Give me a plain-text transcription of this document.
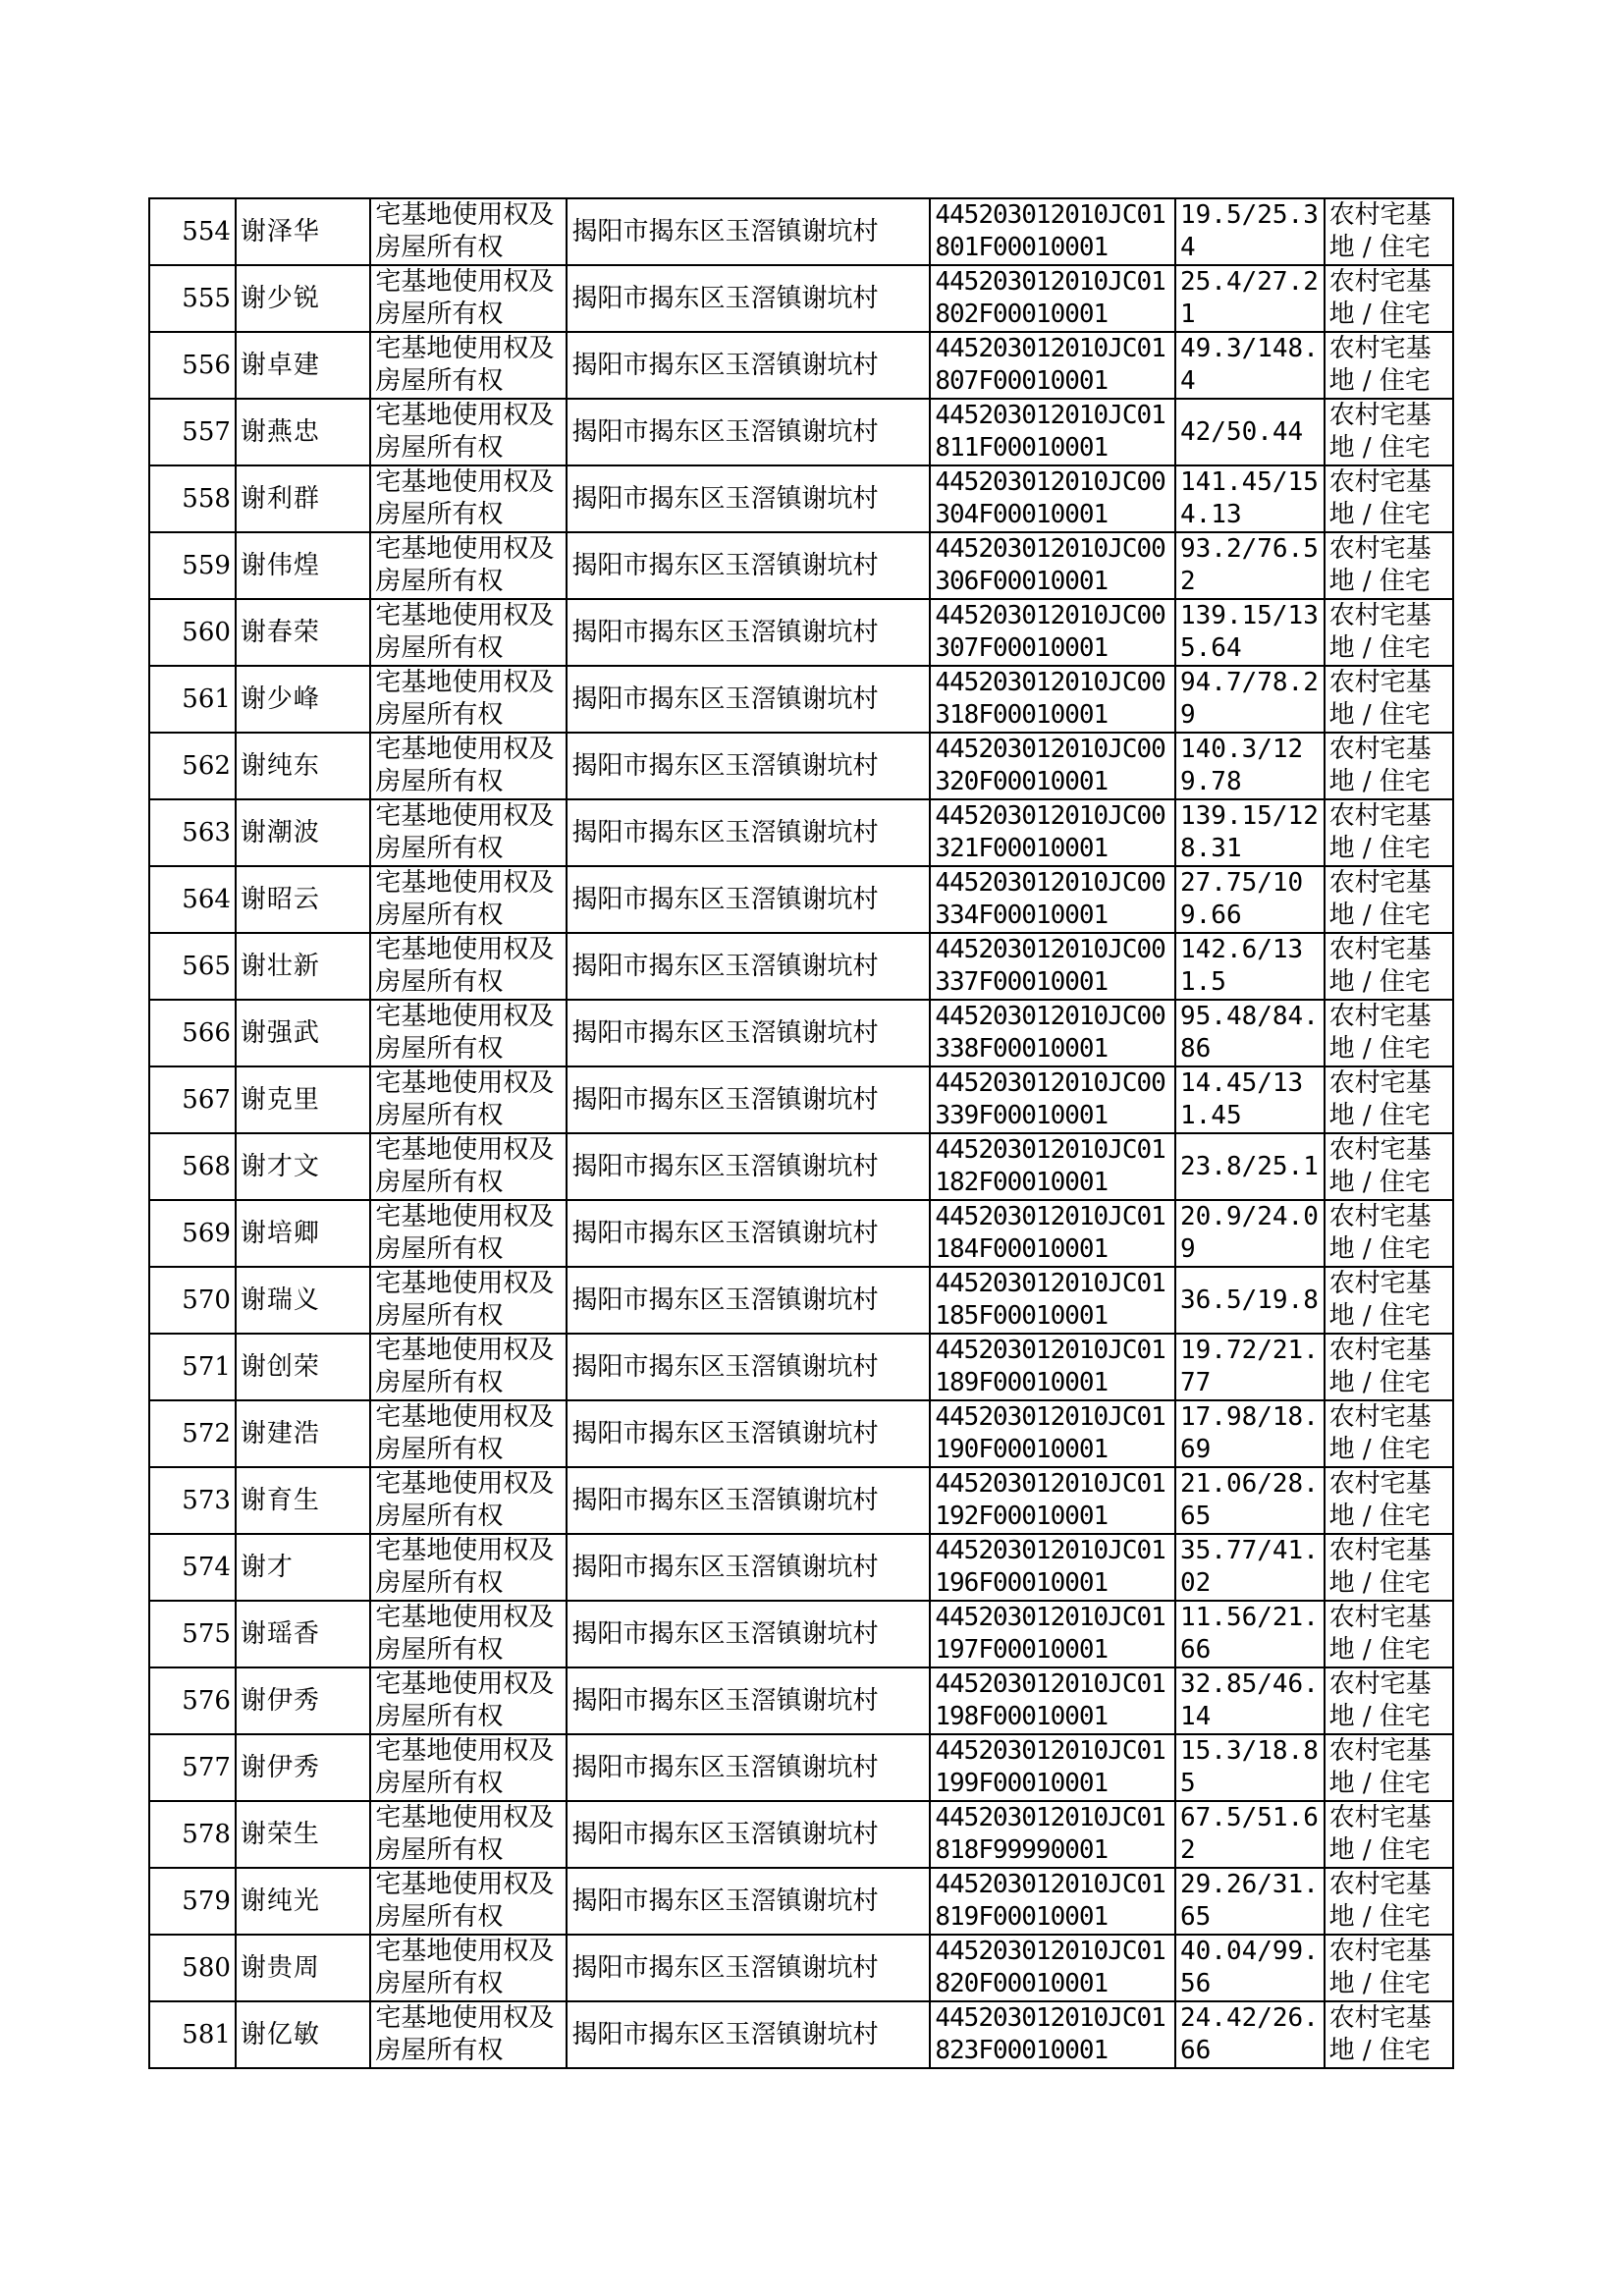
554	谢泽华	宅基地使用权及房屋所有权	揭阳市揭东区玉滘镇谢坑村	445203012010JC01801F00010001	19.5/25.34	农村宅基地 / 住宅
555	谢少锐	宅基地使用权及房屋所有权	揭阳市揭东区玉滘镇谢坑村	445203012010JC01802F00010001	25.4/27.21	农村宅基地 / 住宅
556	谢卓建	宅基地使用权及房屋所有权	揭阳市揭东区玉滘镇谢坑村	445203012010JC01807F00010001	49.3/148.4	农村宅基地 / 住宅
557	谢燕忠	宅基地使用权及房屋所有权	揭阳市揭东区玉滘镇谢坑村	445203012010JC01811F00010001	42/50.44	农村宅基地 / 住宅
558	谢利群	宅基地使用权及房屋所有权	揭阳市揭东区玉滘镇谢坑村	445203012010JC00304F00010001	141.45/154.13	农村宅基地 / 住宅
559	谢伟煌	宅基地使用权及房屋所有权	揭阳市揭东区玉滘镇谢坑村	445203012010JC00306F00010001	93.2/76.52	农村宅基地 / 住宅
560	谢春荣	宅基地使用权及房屋所有权	揭阳市揭东区玉滘镇谢坑村	445203012010JC00307F00010001	139.15/135.64	农村宅基地 / 住宅
561	谢少峰	宅基地使用权及房屋所有权	揭阳市揭东区玉滘镇谢坑村	445203012010JC00318F00010001	94.7/78.29	农村宅基地 / 住宅
562	谢纯东	宅基地使用权及房屋所有权	揭阳市揭东区玉滘镇谢坑村	445203012010JC00320F00010001	140.3/129.78	农村宅基地 / 住宅
563	谢潮波	宅基地使用权及房屋所有权	揭阳市揭东区玉滘镇谢坑村	445203012010JC00321F00010001	139.15/128.31	农村宅基地 / 住宅
564	谢昭云	宅基地使用权及房屋所有权	揭阳市揭东区玉滘镇谢坑村	445203012010JC00334F00010001	27.75/109.66	农村宅基地 / 住宅
565	谢壮新	宅基地使用权及房屋所有权	揭阳市揭东区玉滘镇谢坑村	445203012010JC00337F00010001	142.6/131.5	农村宅基地 / 住宅
566	谢强武	宅基地使用权及房屋所有权	揭阳市揭东区玉滘镇谢坑村	445203012010JC00338F00010001	95.48/84.86	农村宅基地 / 住宅
567	谢克里	宅基地使用权及房屋所有权	揭阳市揭东区玉滘镇谢坑村	445203012010JC00339F00010001	14.45/131.45	农村宅基地 / 住宅
568	谢才文	宅基地使用权及房屋所有权	揭阳市揭东区玉滘镇谢坑村	445203012010JC01182F00010001	23.8/25.1	农村宅基地 / 住宅
569	谢培卿	宅基地使用权及房屋所有权	揭阳市揭东区玉滘镇谢坑村	445203012010JC01184F00010001	20.9/24.09	农村宅基地 / 住宅
570	谢瑞义	宅基地使用权及房屋所有权	揭阳市揭东区玉滘镇谢坑村	445203012010JC01185F00010001	36.5/19.8	农村宅基地 / 住宅
571	谢创荣	宅基地使用权及房屋所有权	揭阳市揭东区玉滘镇谢坑村	445203012010JC01189F00010001	19.72/21.77	农村宅基地 / 住宅
572	谢建浩	宅基地使用权及房屋所有权	揭阳市揭东区玉滘镇谢坑村	445203012010JC01190F00010001	17.98/18.69	农村宅基地 / 住宅
573	谢育生	宅基地使用权及房屋所有权	揭阳市揭东区玉滘镇谢坑村	445203012010JC01192F00010001	21.06/28.65	农村宅基地 / 住宅
574	谢才	宅基地使用权及房屋所有权	揭阳市揭东区玉滘镇谢坑村	445203012010JC01196F00010001	35.77/41.02	农村宅基地 / 住宅
575	谢瑶香	宅基地使用权及房屋所有权	揭阳市揭东区玉滘镇谢坑村	445203012010JC01197F00010001	11.56/21.66	农村宅基地 / 住宅
576	谢伊秀	宅基地使用权及房屋所有权	揭阳市揭东区玉滘镇谢坑村	445203012010JC01198F00010001	32.85/46.14	农村宅基地 / 住宅
577	谢伊秀	宅基地使用权及房屋所有权	揭阳市揭东区玉滘镇谢坑村	445203012010JC01199F00010001	15.3/18.85	农村宅基地 / 住宅
578	谢荣生	宅基地使用权及房屋所有权	揭阳市揭东区玉滘镇谢坑村	445203012010JC01818F99990001	67.5/51.62	农村宅基地 / 住宅
579	谢纯光	宅基地使用权及房屋所有权	揭阳市揭东区玉滘镇谢坑村	445203012010JC01819F00010001	29.26/31.65	农村宅基地 / 住宅
580	谢贵周	宅基地使用权及房屋所有权	揭阳市揭东区玉滘镇谢坑村	445203012010JC01820F00010001	40.04/99.56	农村宅基地 / 住宅
581	谢亿敏	宅基地使用权及房屋所有权	揭阳市揭东区玉滘镇谢坑村	445203012010JC01823F00010001	24.42/26.66	农村宅基地 / 住宅
